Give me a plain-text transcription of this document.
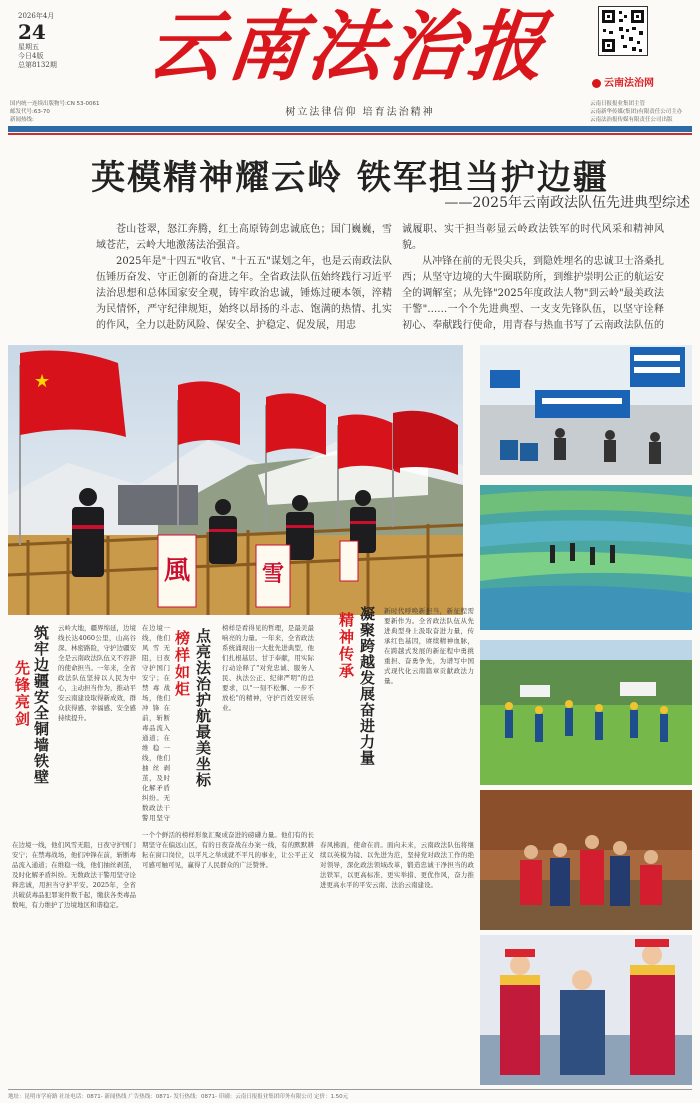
2026年4月
24
星期五
今日4版
总第8132期	云南法治报	云南法治网
云南日报报业集团主管
云南新华传媒(集团)有限责任公司主办
云南法治报传媒有限责任公司出版
国内统一连续出版物号:CN 53-0061
邮发代号:63-70
新闻热线:
树立法律信仰 培育法治精神
英模精神耀云岭 铁军担当护边疆
——2025年云南政法队伍先进典型综述
苍山苍翠，怒江奔腾，红土高原铸剑忠诚底色；国门巍巍，雪域苍茫，云岭大地激荡法治强音。
2025年是"十四五"收官、"十五五"谋划之年，也是云南政法队伍锤历奋发、守正创新的奋进之年。全省政法队伍始终践行习近平法治思想和总体国家安全观，铸牢政治忠诚，锤炼过硬本领，淬精为民情怀，严守纪律规矩，始终以昂扬的斗志、饱满的热情、扎实的作风，全力以赴防风险、保安全、护稳定、促发展，用忠
诚履职、实干担当彰显云岭政法铁军的时代风采和精神风貌。
从冲锋在前的无畏尖兵，到隐姓埋名的忠诚卫士洛桑扎西；从坚守边境的大牛圈联防所，到维护崇明公正的航运安全的调解室；从先锋"2025年度政法人物"到云岭"最美政法干警"……一个个先进典型、一支支先锋队伍，以坚守诠释初心、奉献践行使命，用青春与热血书写了云南政法队伍的
★
風	雪
先锋亮剑 筑牢边疆安全铜墙铁壁 云岭大地，疆界绵延，边境线长达4060公里，山高谷深、林密路险，守护边疆安全是云南政法队伍义不容辞的使命担当。一年来，全省政法队伍坚持以人民为中心，主动担当作为，推动平安云南建设取得新成效，群众获得感、幸福感、安全感持续提升。
在边境一线，他们风雪无阻，日夜守护国门安宁；在禁毒战场，他们冲锋在前，斩断毒品流入通道；在维稳一线，他们抽丝剥茧，及时化解矛盾纠纷。无数政法干警用坚守诠释忠诚，用担当守护平安。2025年，全省共破获毒品犯罪案件数千起，缴获各类毒品数吨，有力维护了边境地区和谐稳定。
榜样如炬 点亮法治护航最美坐标
在边境一线，他们风雪无阻，日夜守护国门安宁；在禁毒战场，他们冲锋在前，斩断毒品流入通道；在维稳一线，他们抽丝剥茧，及时化解矛盾纠纷。无数政法干警用坚守
榜样是看得见的哲理，是最美最响亮的力量。一年来，全省政法系统涌现出一大批先进典型，他们扎根基层、甘于奉献，用实际行动诠释了"对党忠诚、服务人民、执法公正、纪律严明"的总要求，以"一刻不松懈、一步不放松"的精神，守护百姓安居乐业。
一个个鲜活的榜样形象汇聚成奋进的磅礴力量。他们有的长期坚守在偏远山区，有的日夜奋战在办案一线，有的默默耕耘在窗口岗位，以平凡之举成就不平凡的事业，让公平正义可感可触可见，赢得了人民群众的广泛赞誉。
精神传承 凝聚跨越发展奋进力量 新时代呼唤新担当，新征程需要新作为。全省政法队伍从先进典型身上汲取奋进力量，传承红色基因，赓续精神血脉，在跨越式发展的新征程中勇挑重担、奋勇争先，为谱写中国式现代化云南篇章贡献政法力量。
春风拂面，使命在肩。面向未来，云南政法队伍将继续以英模为镜、以先进为范，坚持党对政法工作的绝对领导，深化政法领域改革，锻造忠诚干净担当的政法铁军，以更高标准、更实举措、更优作风，奋力推进更高水平的平安云南、法治云南建设。
地址：昆明市学府路 社址电话：0871- 新闻热线 广告热线：0871- 发行热线：0871- 印刷：云南日报报业集团印务有限公司 定价：1.50元
